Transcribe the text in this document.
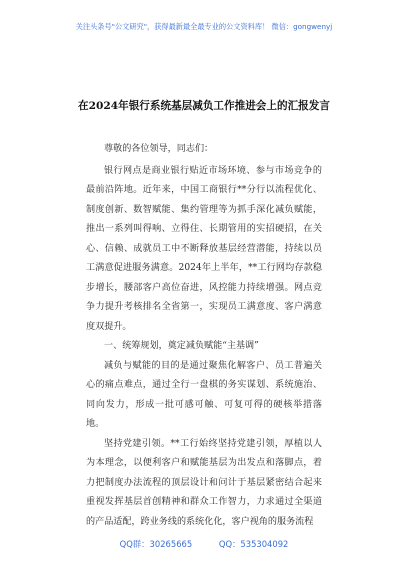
关注头条号"公文研究"，获得最新最全最专业的公文资料库！ 微信：gongwenyj
在2024年银行系统基层减负工作推进会上的汇报发言

尊敬的各位领导，同志们：

银行网点是商业银行贴近市场环境、参与市场竞争的最前沿阵地。近年来，中国工商银行**分行以流程优化、制度创新、数智赋能、集约管理等为抓手深化减负赋能，推出一系列叫得响、立得住、长期管用的实招硬招，在关心、信赖、成就员工中不断释放基层经营潜能，持续以员工满意促进服务满意。2024年上半年，**工行网均存款稳步增长，腰部客户高位奋进，风控能力持续增强。网点竞争力提升考核排名全省第一，实现员工满意度、客户满意度双提升。

一、统筹规划，奠定减负赋能“主基调”

减负与赋能的目的是通过聚焦化解客户、员工普遍关心的痛点难点，通过全行一盘棋的务实谋划、系统施治、同向发力，形成一批可感可触、可复可得的硬核举措落地。

坚持党建引领。**工行始终坚持党建引领，厚植以人为本理念，以便利客户和赋能基层为出发点和落脚点，着力把制度办法流程的顶层设计和问计于基层紧密结合起来重视发挥基层首创精神和群众工作智力，力求通过全渠道的产品适配，跨业务线的系统化化，客户视角的服务流程

QQ群：30265665	QQ：535304092
